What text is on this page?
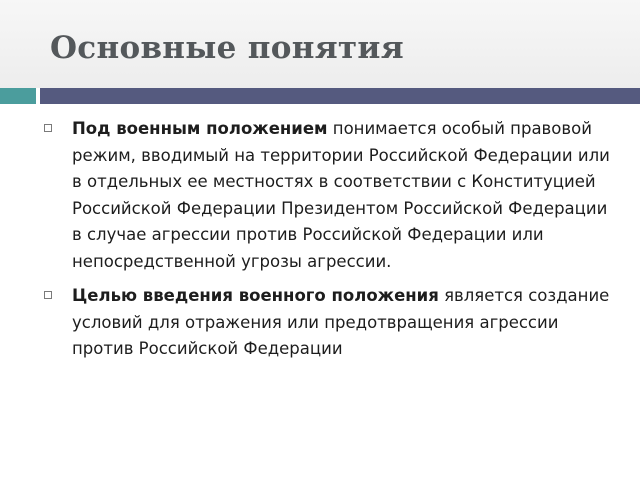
Основные понятия
Под военным положением понимается особый правовой режим, вводимый на территории Российской Федерации или в отдельных ее местностях в соответствии с Конституцией Российской Федерации Президентом Российской Федерации в случае агрессии против Российской Федерации или непосредственной угрозы агрессии.
Целью введения военного положения является создание условий для отражения или предотвращения агрессии против Российской Федерации
